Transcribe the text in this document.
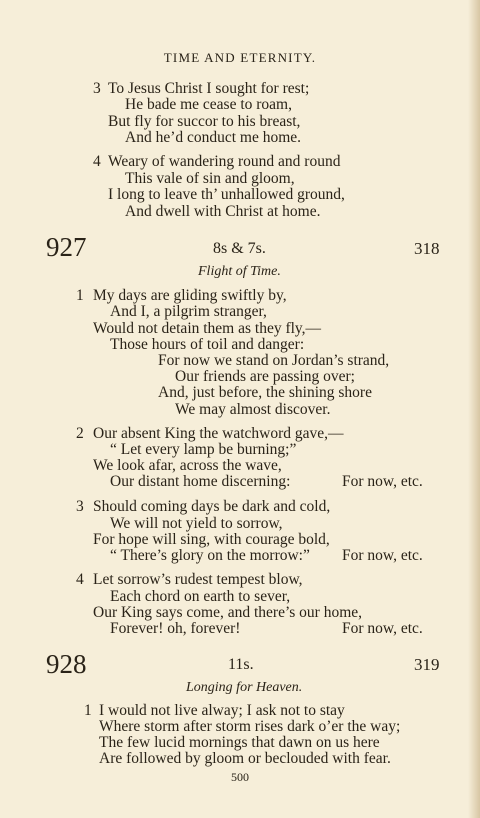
TIME AND ETERNITY.
3 To Jesus Christ I sought for rest;
He bade me cease to roam,
But fly for succor to his breast,
And he’d conduct me home.
4 Weary of wandering round and round
This vale of sin and gloom,
I long to leave th’ unhallowed ground,
And dwell with Christ at home.
927	8s & 7s.	318
Flight of Time.
1 My days are gliding swiftly by,
And I, a pilgrim stranger,
Would not detain them as they fly,—
Those hours of toil and danger:
For now we stand on Jordan’s strand,
Our friends are passing over;
And, just before, the shining shore
We may almost discover.
2 Our absent King the watchword gave,—
“ Let every lamp be burning;”
We look afar, across the wave,
Our distant home discerning:	For now, etc.
3 Should coming days be dark and cold,
We will not yield to sorrow,
For hope will sing, with courage bold,
“ There’s glory on the morrow:” For now, etc.
4 Let sorrow’s rudest tempest blow,
Each chord on earth to sever,
Our King says come, and there’s our home,
Forever! oh, forever!	For now, etc.
928	11s.	319
Longing for Heaven.
1 I would not live alway; I ask not to stay
Where storm after storm rises dark o’er the way;
The few lucid mornings that dawn on us here
Are followed by gloom or beclouded with fear.
500
